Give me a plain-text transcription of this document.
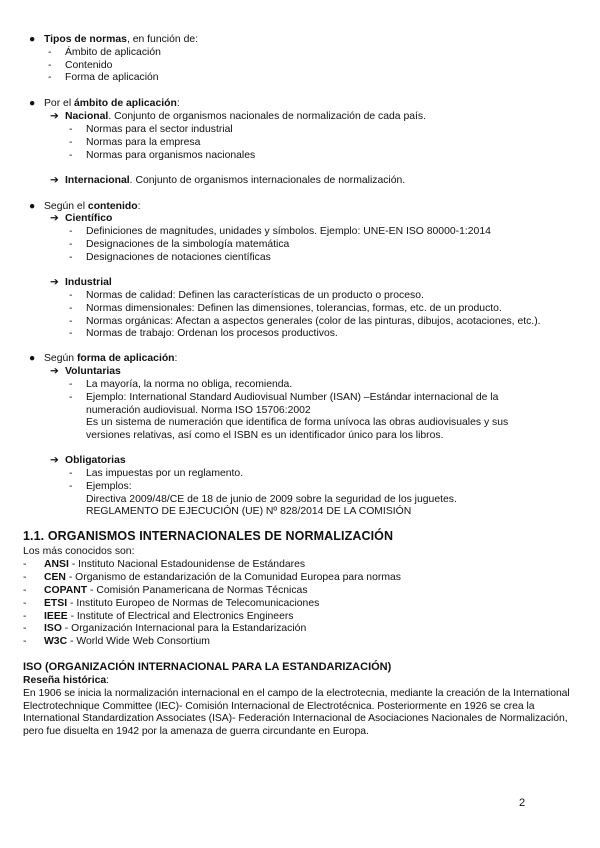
● Tipos de normas, en función de:
- Ámbito de aplicación
- Contenido
- Forma de aplicación
● Por el ámbito de aplicación:
➔ Nacional. Conjunto de organismos nacionales de normalización de cada país.
- Normas para el sector industrial
- Normas para la empresa
- Normas para organismos nacionales
➔ Internacional. Conjunto de organismos internacionales de normalización.
● Según el contenido:
➔ Científico
- Definiciones de magnitudes, unidades y símbolos. Ejemplo: UNE-EN ISO 80000-1:2014
- Designaciones de la simbología matemática
- Designaciones de notaciones científicas
➔ Industrial
- Normas de calidad: Definen las características de un producto o proceso.
- Normas dimensionales: Definen las dimensiones, tolerancias, formas, etc. de un producto.
- Normas orgánicas: Afectan a aspectos generales (color de las pinturas, dibujos, acotaciones, etc.).
- Normas de trabajo: Ordenan los procesos productivos.
● Según forma de aplicación:
➔ Voluntarias
- La mayoría, la norma no obliga, recomienda.
- Ejemplo: International Standard Audiovisual Number (ISAN) –Estándar internacional de la
numeración audiovisual. Norma ISO 15706:2002
Es un sistema de numeración que identifica de forma unívoca las obras audiovisuales y sus
versiones relativas, así como el ISBN es un identificador único para los libros.
➔ Obligatorias
- Las impuestas por un reglamento.
- Ejemplos:
Directiva 2009/48/CE de 18 de junio de 2009 sobre la seguridad de los juguetes.
REGLAMENTO DE EJECUCIÓN (UE) Nº 828/2014 DE LA COMISIÓN
1.1. ORGANISMOS INTERNACIONALES DE NORMALIZACIÓN
Los más conocidos son:
- ANSI - Instituto Nacional Estadounidense de Estándares
- CEN - Organismo de estandarización de la Comunidad Europea para normas
- COPANT - Comisión Panamericana de Normas Técnicas
- ETSI - Instituto Europeo de Normas de Telecomunicaciones
- IEEE - Institute of Electrical and Electronics Engineers
- ISO - Organización Internacional para la Estandarización
- W3C - World Wide Web Consortium
ISO (ORGANIZACIÓN INTERNACIONAL PARA LA ESTANDARIZACIÓN)
Reseña histórica:
En 1906 se inicia la normalización internacional en el campo de la electrotecnia, mediante la creación de la International Electrotechnique Committee (IEC)- Comisión Internacional de Electrotécnica. Posteriormente en 1926 se crea la International Standardization Associates (ISA)- Federación Internacional de Asociaciones Nacionales de Normalización, pero fue disuelta en 1942 por la amenaza de guerra circundante en Europa.
2
